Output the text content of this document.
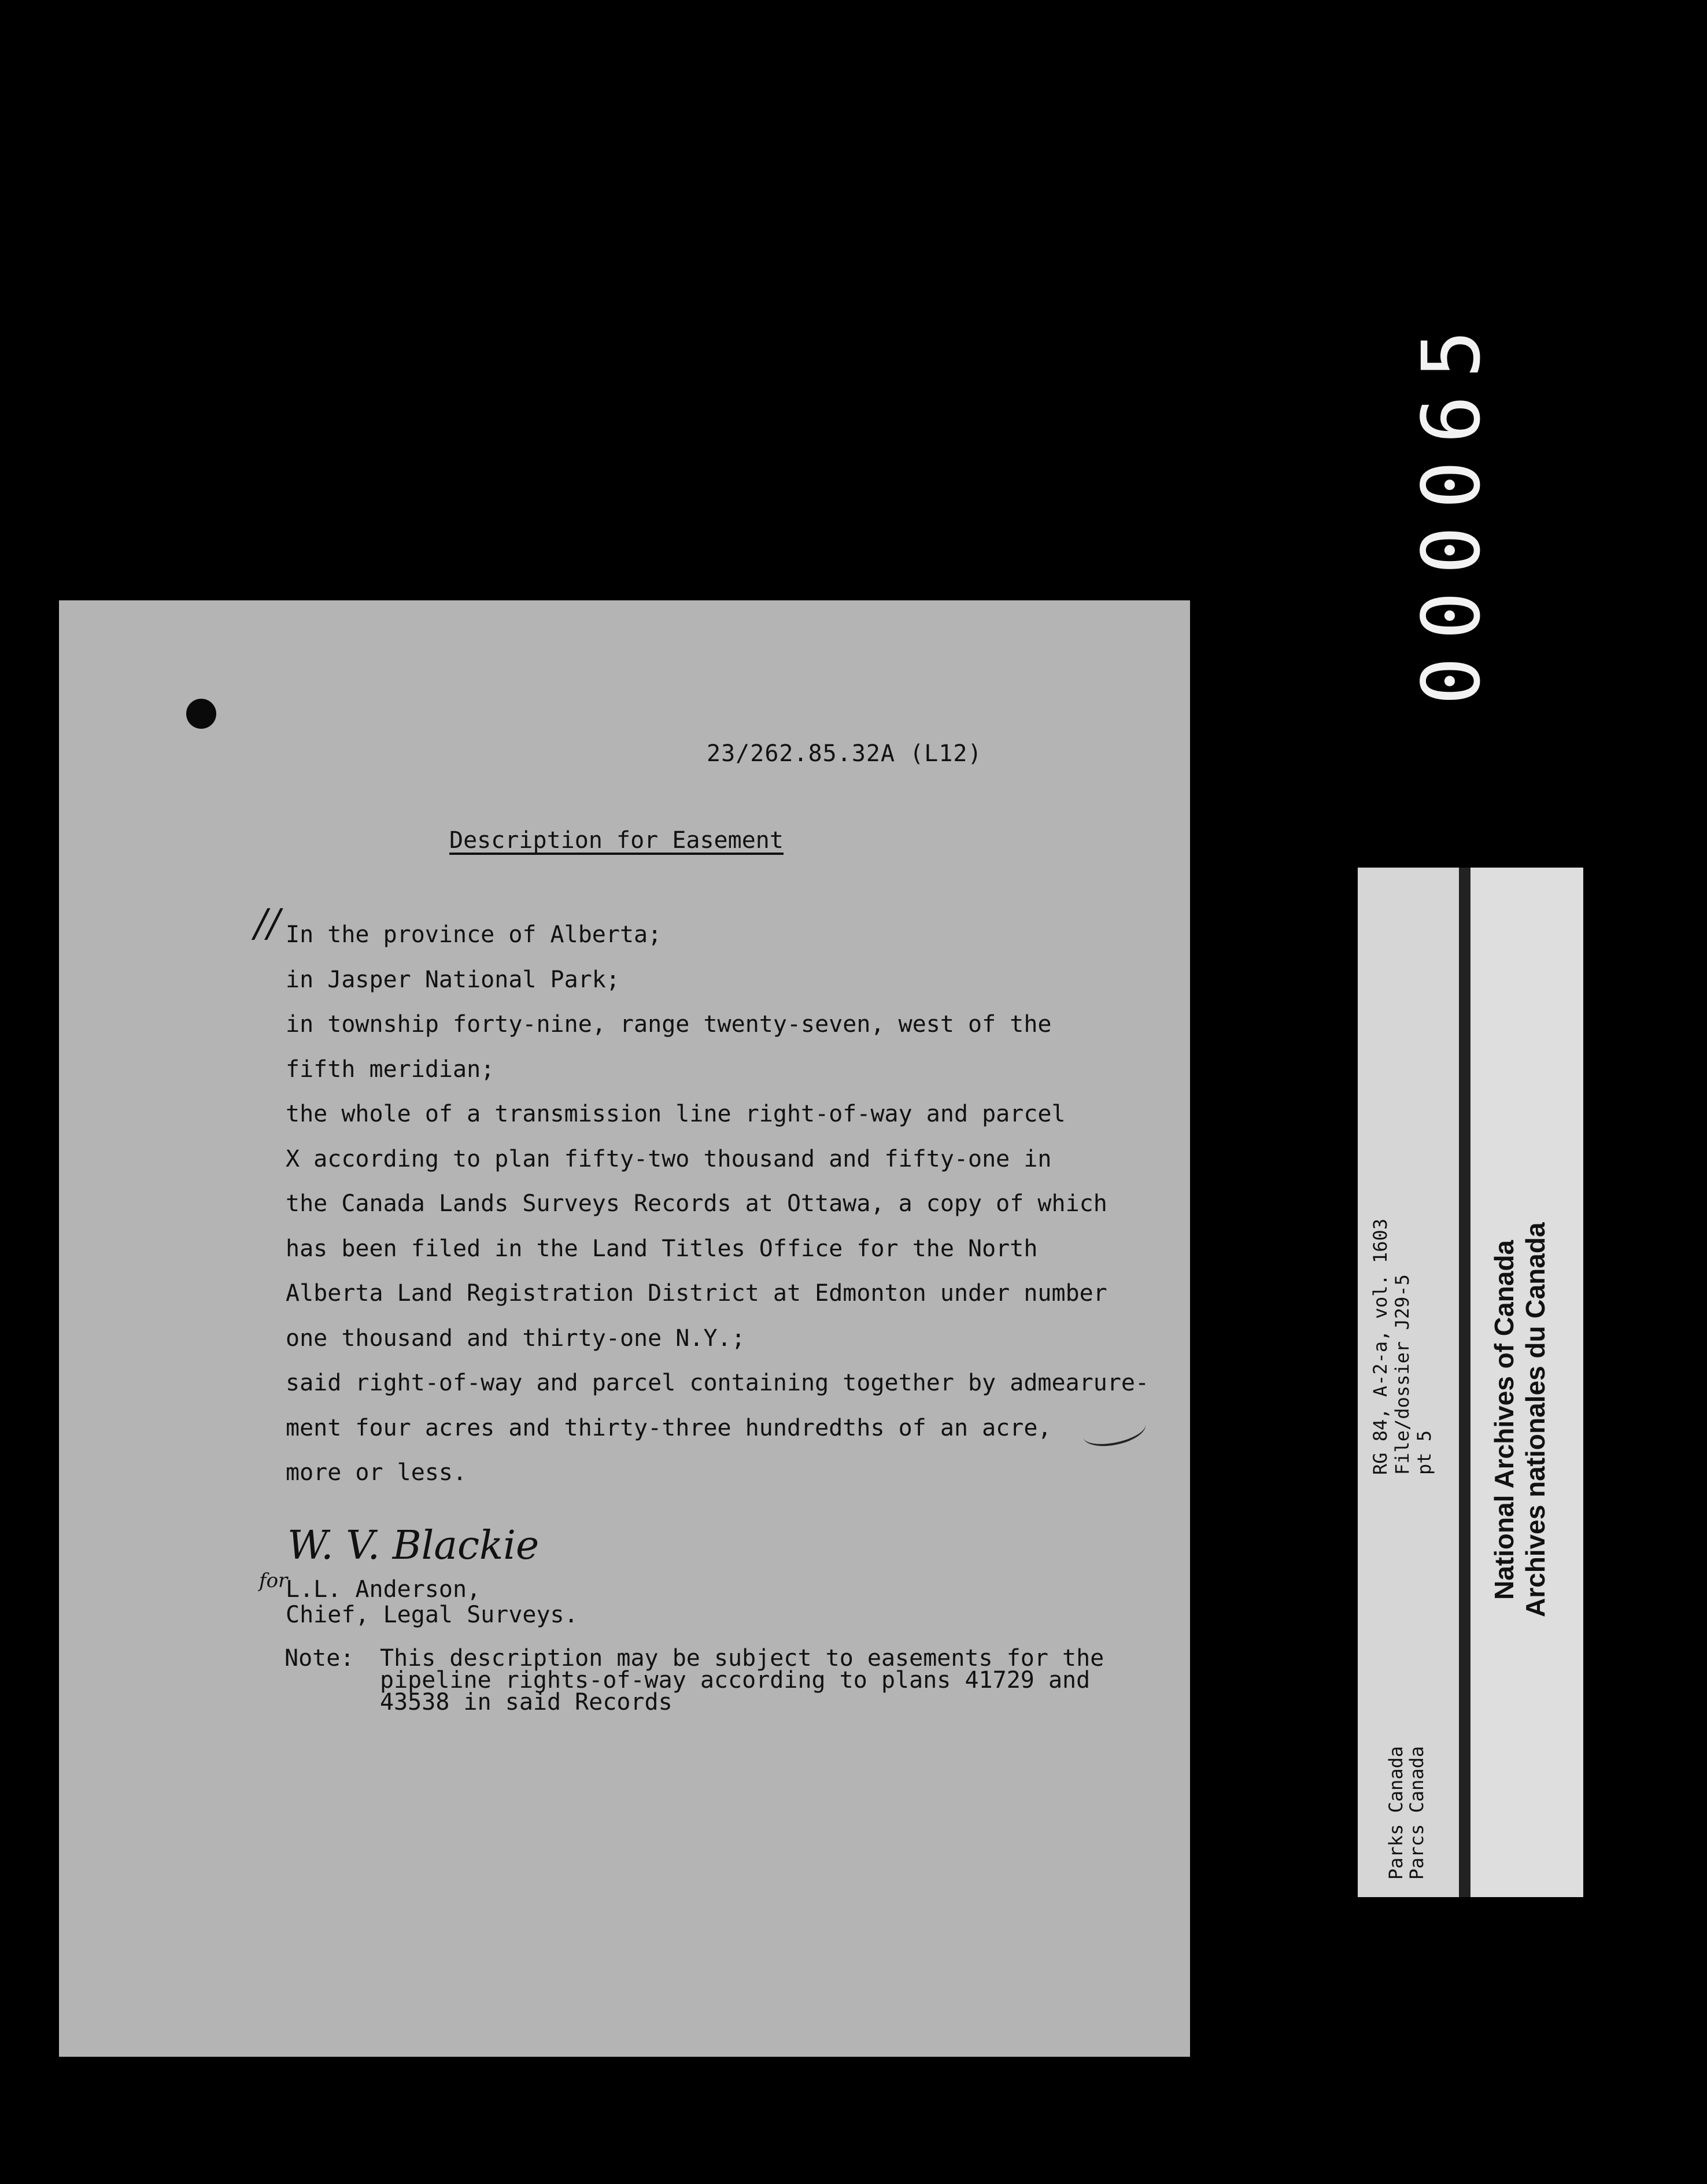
23/262.85.32A (L12)
Description for Easement
// In the province of Alberta;
in Jasper National Park;
in township forty-nine, range twenty-seven, west of the
fifth meridian;
the whole of a transmission line right-of-way and parcel
X according to plan fifty-two thousand and fifty-one in
the Canada Lands Surveys Records at Ottawa, a copy of which
has been filed in the Land Titles Office for the North
Alberta Land Registration District at Edmonton under number
one thousand and thirty-one N.Y.;
said right-of-way and parcel containing together by admearure-
ment four acres and thirty-three hundredths of an acre,
more or less.
W. V. Blackie
for
L.L. Anderson,
Chief, Legal Surveys.
Note: This description may be subject to easements for the
pipeline rights-of-way according to plans 41729 and
43538 in said Records
000065
RG 84, A-2-a, vol. 1603 File/dossier J29-5 pt 5
Parks Canada
Parcs Canada
National Archives of Canada Archives nationales du Canada
